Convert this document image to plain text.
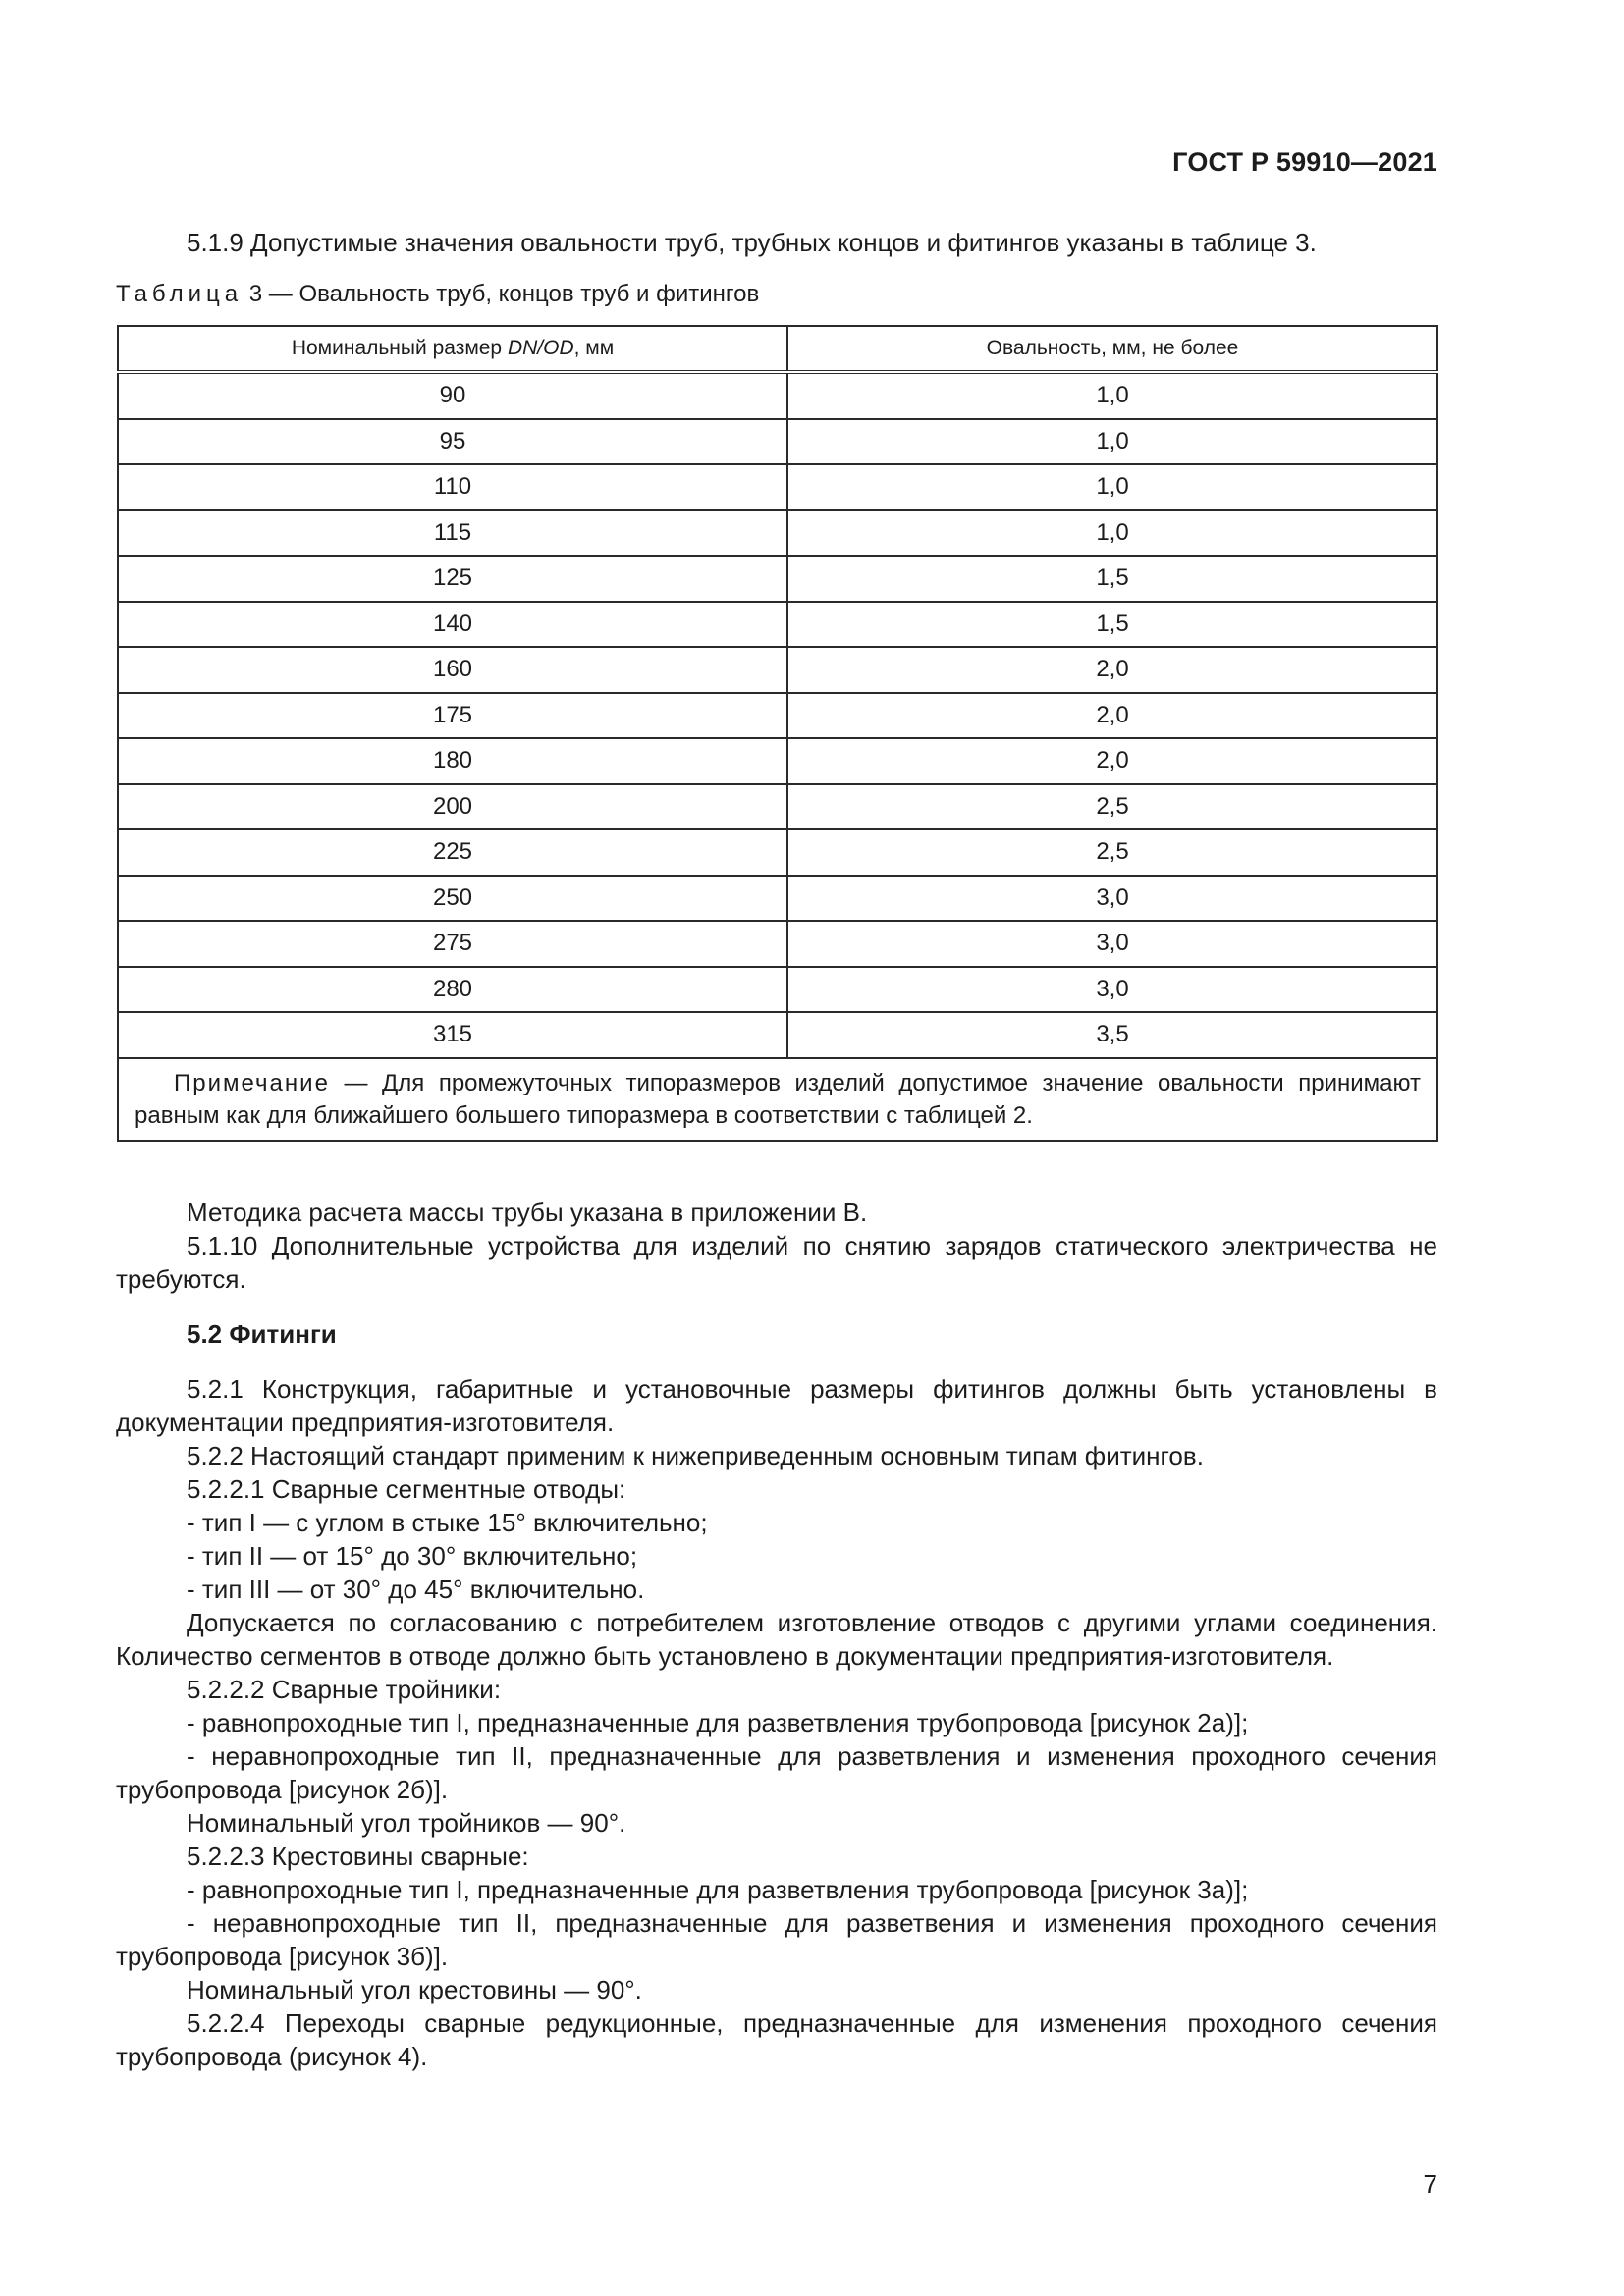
ГОСТ Р 59910—2021

5.1.9 Допустимые значения овальности труб, трубных концов и фитингов указаны в таблице 3.

Таблица 3 — Овальность труб, концов труб и фитингов
Номинальный размер DN/OD, мм	Овальность, мм, не более
90	1,0
95	1,0
110	1,0
115	1,0
125	1,5
140	1,5
160	2,0
175	2,0
180	2,0
200	2,5
225	2,5
250	3,0
275	3,0
280	3,0
315	3,5
Примечание — Для промежуточных типоразмеров изделий допустимое значение овальности принимают равным как для ближайшего большего типоразмера в соответствии с таблицей 2.	

Методика расчета массы трубы указана в приложении В.

5.1.10 Дополнительные устройства для изделий по снятию зарядов статического электричества не требуются.

5.2 Фитинги

5.2.1 Конструкция, габаритные и установочные размеры фитингов должны быть установлены в документации предприятия-изготовителя.

5.2.2 Настоящий стандарт применим к нижеприведенным основным типам фитингов.

5.2.2.1 Сварные сегментные отводы:

- тип I — с углом в стыке 15° включительно;

- тип II — от 15° до 30° включительно;

- тип III — от 30° до 45° включительно.

Допускается по согласованию с потребителем изготовление отводов с другими углами соединения. Количество сегментов в отводе должно быть установлено в документации предприятия-изготовителя.

5.2.2.2 Сварные тройники:

- равнопроходные тип I, предназначенные для разветвления трубопровода [рисунок 2а)];

- неравнопроходные тип II, предназначенные для разветвления и изменения проходного сечения трубопровода [рисунок 2б)].

Номинальный угол тройников — 90°.

5.2.2.3 Крестовины сварные:

- равнопроходные тип I, предназначенные для разветвления трубопровода [рисунок 3а)];

- неравнопроходные тип II, предназначенные для разветвения и изменения проходного сечения трубопровода [рисунок 3б)].

Номинальный угол крестовины — 90°.

5.2.2.4 Переходы сварные редукционные, предназначенные для изменения проходного сечения трубопровода (рисунок 4).

7
